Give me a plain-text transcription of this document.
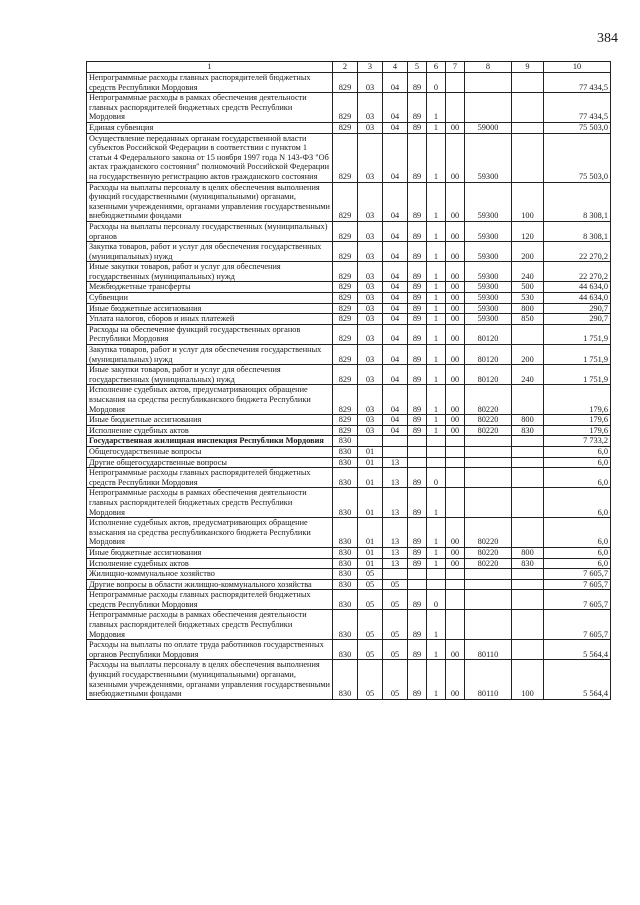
384
1	2	3	4	5	6	7	8	9	10
Непрограммные расходы главных распорядителей бюджетных средств Республики Мордовия	829	03	04	89	0				77 434,5
Непрограммные расходы в рамках обеспечения деятельности главных распорядителей бюджетных средств Республики Мордовия	829	03	04	89	1				77 434,5
Единая субвенция	829	03	04	89	1	00	59000		75 503,0
Осуществление переданных органам государственной власти субъектов Российской Федерации в соответствии с пунктом 1 статьи 4 Федерального закона от 15 ноября 1997 года N 143-ФЗ "Об актах гражданского состояния" полномочий Российской Федерации на государственную регистрацию актов гражданского состояния	829	03	04	89	1	00	59300		75 503,0
Расходы на выплаты персоналу в целях обеспечения выполнения функций государственными (муниципальными) органами, казенными учреждениями, органами управления государственными внебюджетными фондами	829	03	04	89	1	00	59300	100	8 308,1
Расходы на выплаты персоналу государственных (муниципальных) органов	829	03	04	89	1	00	59300	120	8 308,1
Закупка товаров, работ и услуг для обеспечения государственных (муниципальных) нужд	829	03	04	89	1	00	59300	200	22 270,2
Иные закупки товаров, работ и услуг для обеспечения государственных (муниципальных) нужд	829	03	04	89	1	00	59300	240	22 270,2
Межбюджетные трансферты	829	03	04	89	1	00	59300	500	44 634,0
Субвенции	829	03	04	89	1	00	59300	530	44 634,0
Иные бюджетные ассигнования	829	03	04	89	1	00	59300	800	290,7
Уплата налогов, сборов и иных платежей	829	03	04	89	1	00	59300	850	290,7
Расходы на обеспечение функций государственных органов Республики Мордовия	829	03	04	89	1	00	80120		1 751,9
Закупка товаров, работ и услуг для обеспечения государственных (муниципальных) нужд	829	03	04	89	1	00	80120	200	1 751,9
Иные закупки товаров, работ и услуг для обеспечения государственных (муниципальных) нужд	829	03	04	89	1	00	80120	240	1 751,9
Исполнение судебных актов, предусматривающих обращение взыскания на средства республиканского бюджета Республики Мордовия	829	03	04	89	1	00	80220		179,6
Иные бюджетные ассигнования	829	03	04	89	1	00	80220	800	179,6
Исполнение судебных актов	829	03	04	89	1	00	80220	830	179,6
Государственная жилищная инспекция Республики Мордовия	830								7 733,2
Общегосударственные вопросы	830	01							6,0
Другие общегосударственные вопросы	830	01	13						6,0
Непрограммные расходы главных распорядителей бюджетных средств Республики Мордовия	830	01	13	89	0				6,0
Непрограммные расходы в рамках обеспечения деятельности главных распорядителей бюджетных средств Республики Мордовия	830	01	13	89	1				6,0
Исполнение судебных актов, предусматривающих обращение взыскания на средства республиканского бюджета Республики Мордовия	830	01	13	89	1	00	80220		6,0
Иные бюджетные ассигнования	830	01	13	89	1	00	80220	800	6,0
Исполнение судебных актов	830	01	13	89	1	00	80220	830	6,0
Жилищно-коммунальное хозяйство	830	05							7 605,7
Другие вопросы в области жилищно-коммунального хозяйства	830	05	05						7 605,7
Непрограммные расходы главных распорядителей бюджетных средств Республики Мордовия	830	05	05	89	0				7 605,7
Непрограммные расходы в рамках обеспечения деятельности главных распорядителей бюджетных средств Республики Мордовия	830	05	05	89	1				7 605,7
Расходы на выплаты по оплате труда работников государственных органов Республики Мордовия	830	05	05	89	1	00	80110		5 564,4
Расходы на выплаты персоналу в целях обеспечения выполнения функций государственными (муниципальными) органами, казенными учреждениями, органами управления государственными внебюджетными фондами	830	05	05	89	1	00	80110	100	5 564,4
